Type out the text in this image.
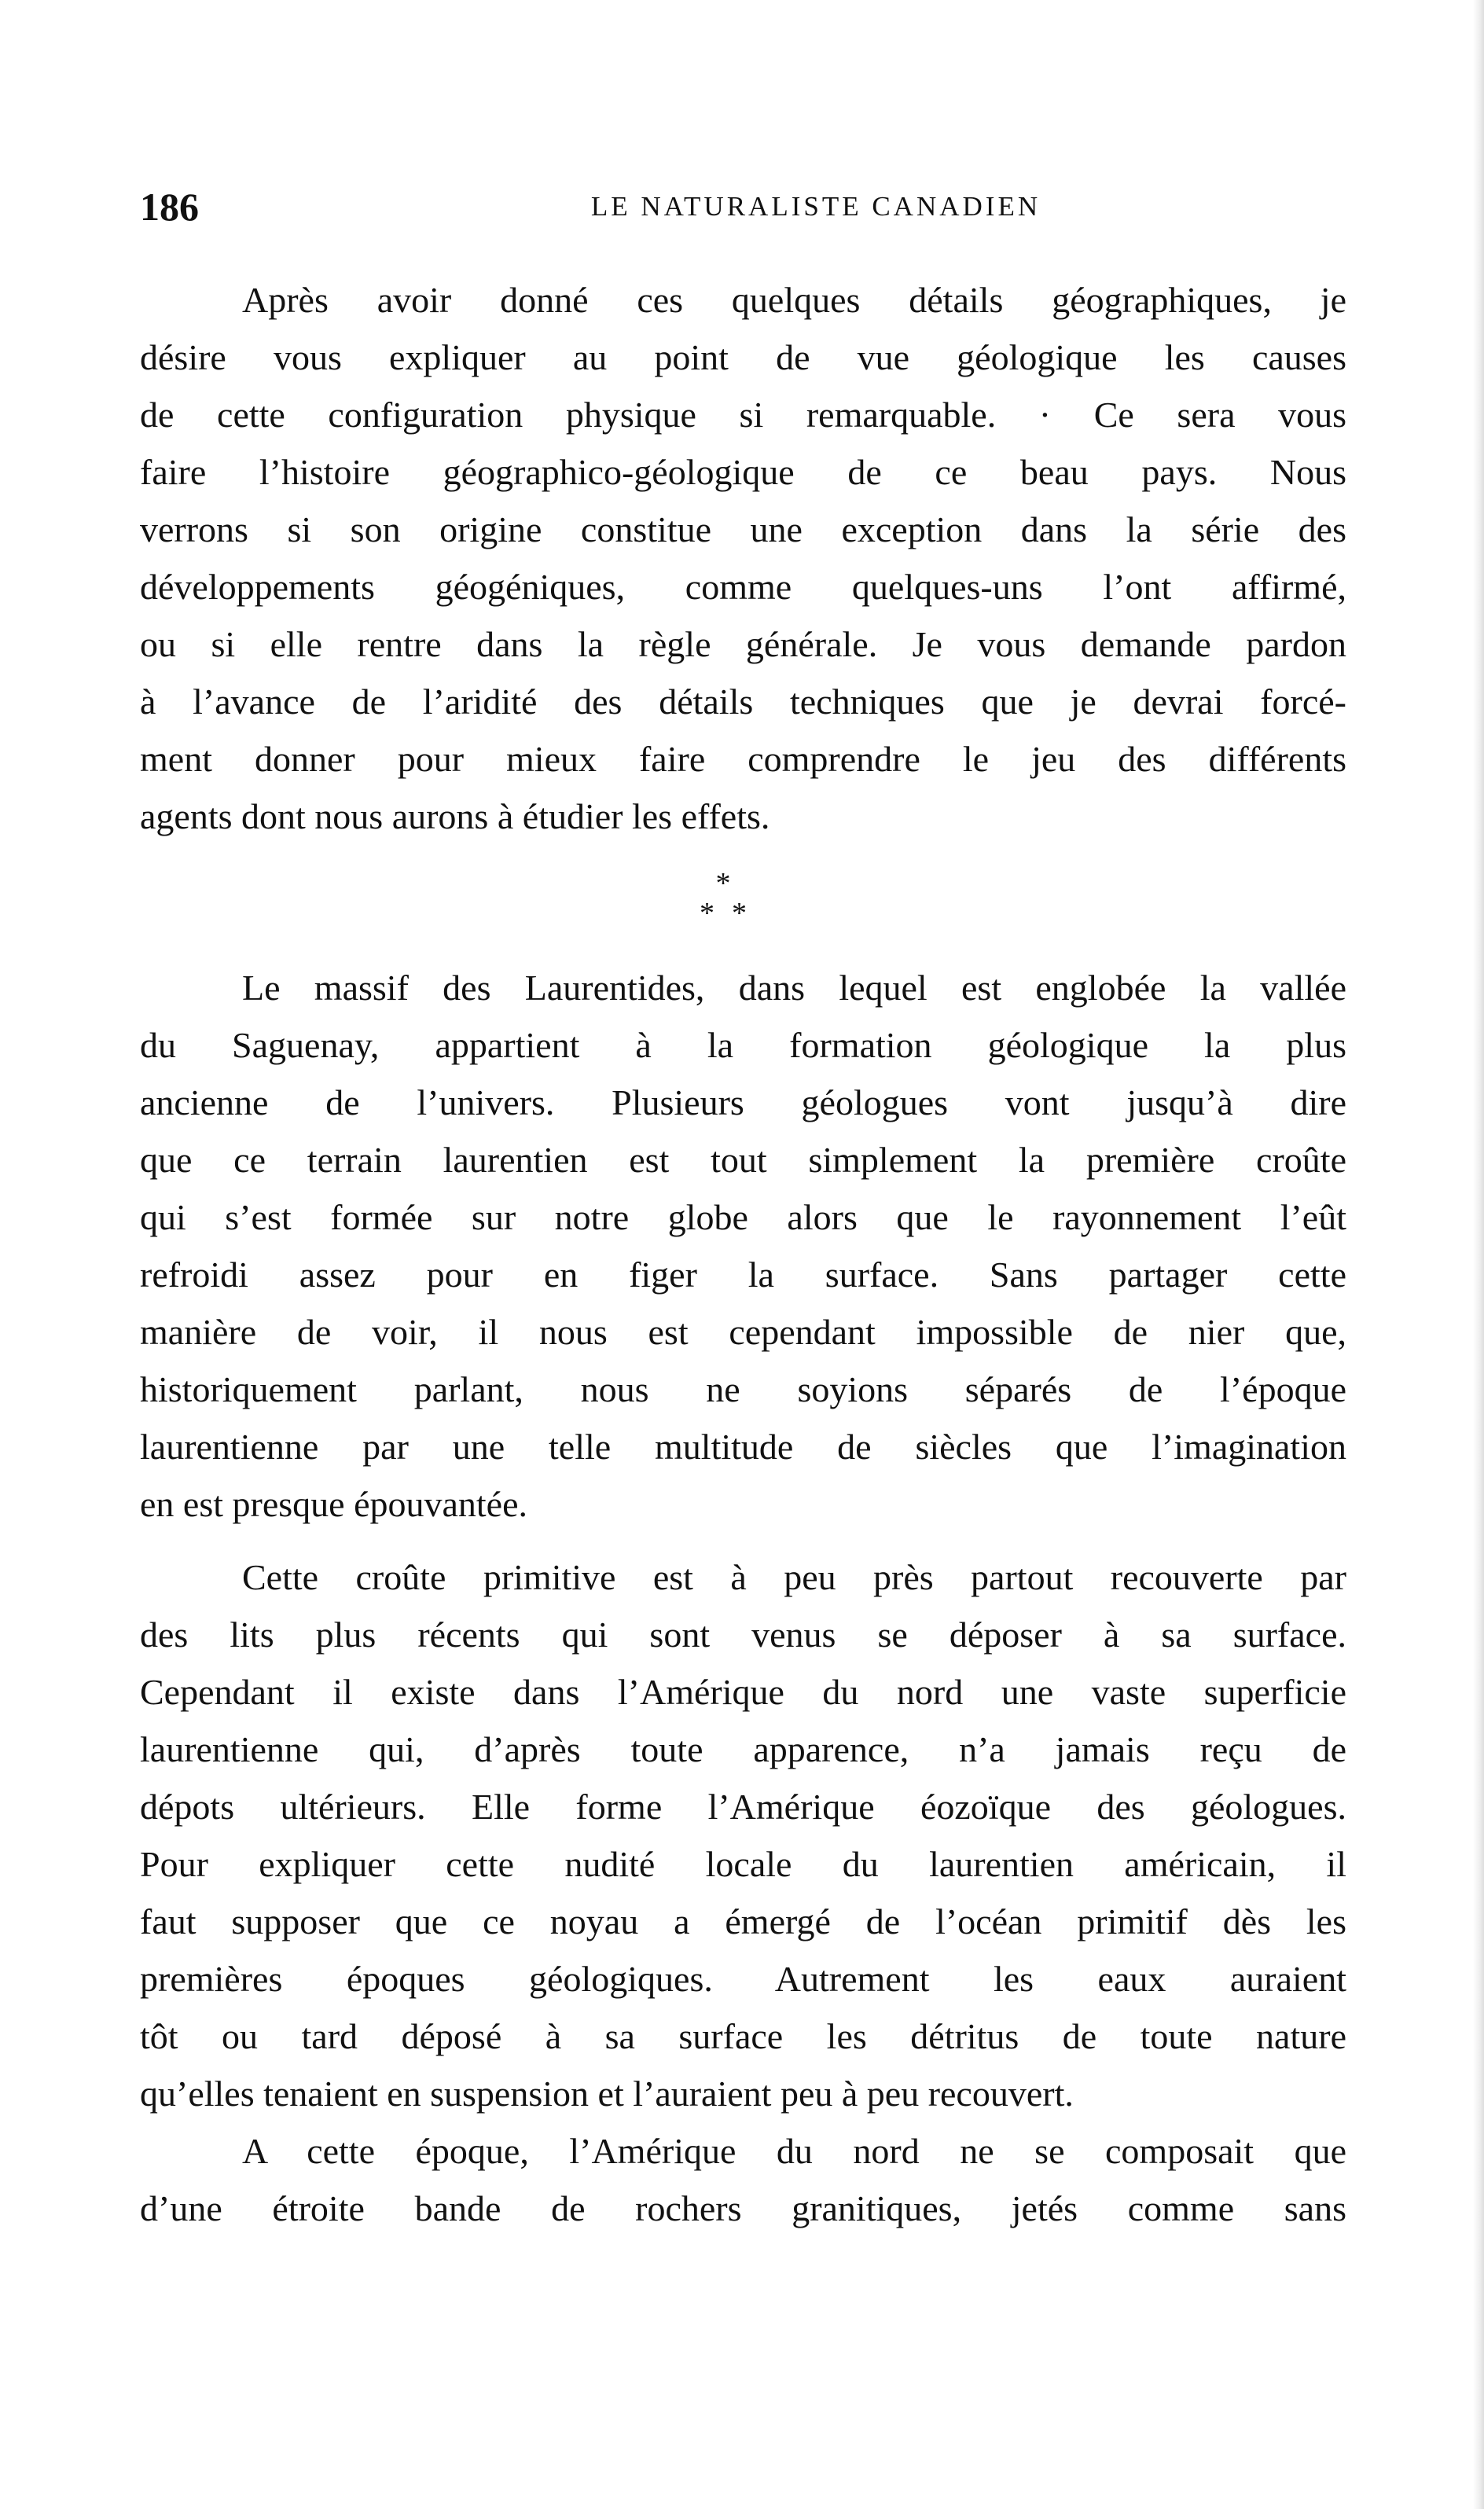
186	LE NATURALISTE CANADIEN
Après avoir donné ces quelques détails géographiques, je
désire vous expliquer au point de vue géologique les causes
de cette configuration physique si remarquable. · Ce sera vous
faire l’histoire géographico-géologique de ce beau pays. Nous
verrons si son origine constitue une exception dans la série des
développements géogéniques, comme quelques-uns l’ont affirmé,
ou si elle rentre dans la règle générale. Je vous demande pardon
à l’avance de l’aridité des détails techniques que je devrai forcé-
ment donner pour mieux faire comprendre le jeu des différents
agents dont nous aurons à étudier les effets.
*
**
Le massif des Laurentides, dans lequel est englobée la vallée
du Saguenay, appartient à la formation géologique la plus
ancienne de l’univers. Plusieurs géologues vont jusqu’à dire
que ce terrain laurentien est tout simplement la première croûte
qui s’est formée sur notre globe alors que le rayonnement l’eût
refroidi assez pour en figer la surface. Sans partager cette
manière de voir, il nous est cependant impossible de nier que,
historiquement parlant, nous ne soyions séparés de l’époque
laurentienne par une telle multitude de siècles que l’imagination
en est presque épouvantée.
Cette croûte primitive est à peu près partout recouverte par
des lits plus récents qui sont venus se déposer à sa surface.
Cependant il existe dans l’Amérique du nord une vaste superficie
laurentienne qui, d’après toute apparence, n’a jamais reçu de
dépots ultérieurs. Elle forme l’Amérique éozoïque des géologues.
Pour expliquer cette nudité locale du laurentien américain, il
faut supposer que ce noyau a émergé de l’océan primitif dès les
premières époques géologiques. Autrement les eaux auraient
tôt ou tard déposé à sa surface les détritus de toute nature
qu’elles tenaient en suspension et l’auraient peu à peu recouvert.
A cette époque, l’Amérique du nord ne se composait que
d’une étroite bande de rochers granitiques, jetés comme sans
